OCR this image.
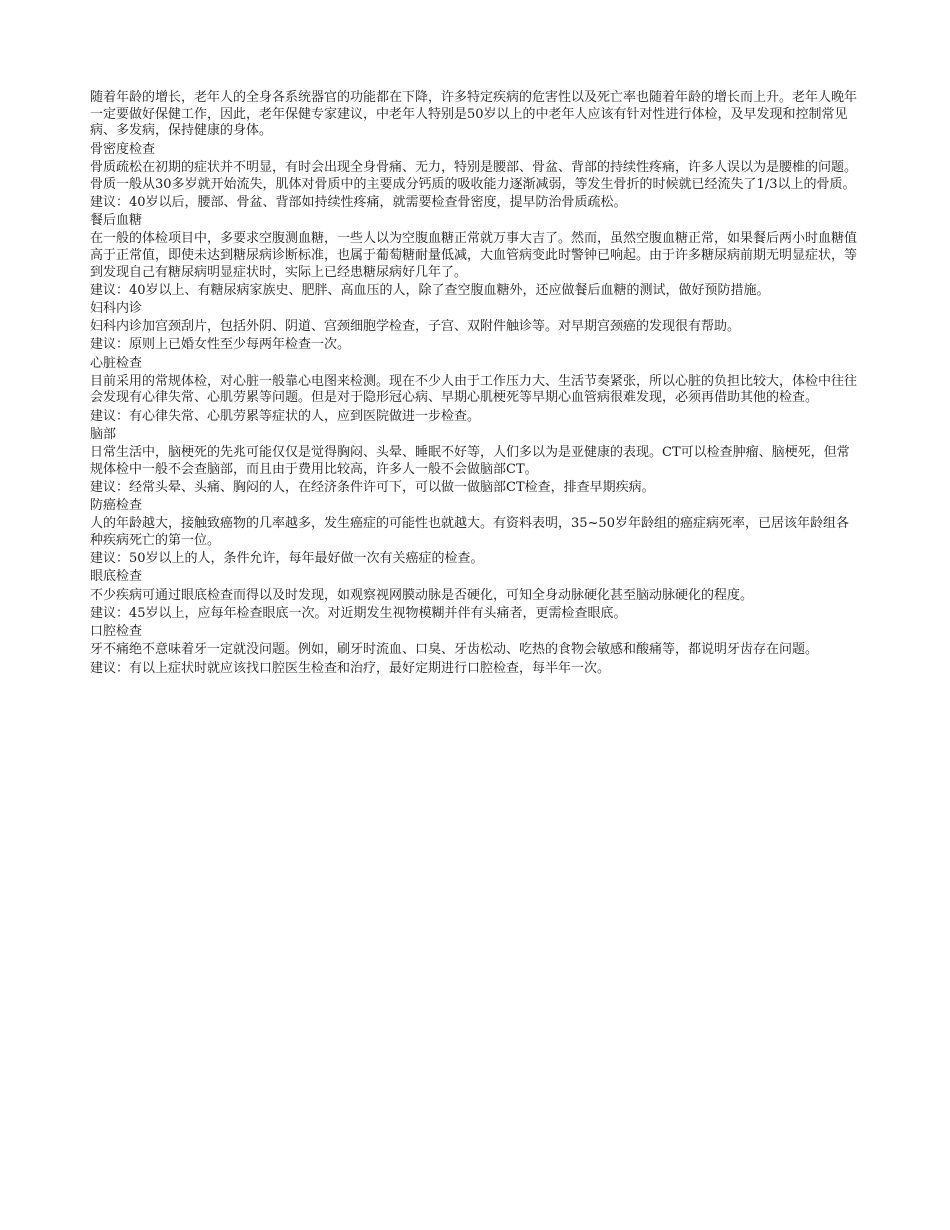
随着年龄的增长，老年人的全身各系统器官的功能都在下降，许多特定疾病的危害性以及死亡率也随着年龄的增长而上升。老年人晚年一定要做好保健工作，因此，老年保健专家建议，中老年人特别是50岁以上的中老年人应该有针对性进行体检，及早发现和控制常见病、多发病，保持健康的身体。

骨密度检查

骨质疏松在初期的症状并不明显，有时会出现全身骨痛、无力，特别是腰部、骨盆、背部的持续性疼痛，许多人误以为是腰椎的问题。骨质一般从30多岁就开始流失，肌体对骨质中的主要成分钙质的吸收能力逐渐减弱，等发生骨折的时候就已经流失了1/3以上的骨质。

建议：40岁以后，腰部、骨盆、背部如持续性疼痛，就需要检查骨密度，提早防治骨质疏松。

餐后血糖

在一般的体检项目中，多要求空腹测血糖，一些人以为空腹血糖正常就万事大吉了。然而，虽然空腹血糖正常，如果餐后两小时血糖值高于正常值，即使未达到糖尿病诊断标准，也属于葡萄糖耐量低减，大血管病变此时警钟已响起。由于许多糖尿病前期无明显症状，等到发现自己有糖尿病明显症状时，实际上已经患糖尿病好几年了。

建议：40岁以上、有糖尿病家族史、肥胖、高血压的人，除了查空腹血糖外，还应做餐后血糖的测试，做好预防措施。

妇科内诊

妇科内诊加宫颈刮片，包括外阴、阴道、宫颈细胞学检查，子宫、双附件触诊等。对早期宫颈癌的发现很有帮助。

建议：原则上已婚女性至少每两年检查一次。

心脏检查

目前采用的常规体检，对心脏一般靠心电图来检测。现在不少人由于工作压力大、生活节奏紧张，所以心脏的负担比较大，体检中往往会发现有心律失常、心肌劳累等问题。但是对于隐形冠心病、早期心肌梗死等早期心血管病很难发现，必须再借助其他的检查。

建议：有心律失常、心肌劳累等症状的人，应到医院做进一步检查。

脑部

日常生活中，脑梗死的先兆可能仅仅是觉得胸闷、头晕、睡眠不好等，人们多以为是亚健康的表现。CT可以检查肿瘤、脑梗死，但常规体检中一般不会查脑部，而且由于费用比较高，许多人一般不会做脑部CT。

建议：经常头晕、头痛、胸闷的人，在经济条件许可下，可以做一做脑部CT检查，排查早期疾病。

防癌检查

人的年龄越大，接触致癌物的几率越多，发生癌症的可能性也就越大。有资料表明，35~50岁年龄组的癌症病死率，已居该年龄组各种疾病死亡的第一位。

建议：50岁以上的人，条件允许，每年最好做一次有关癌症的检查。

眼底检查

不少疾病可通过眼底检查而得以及时发现，如观察视网膜动脉是否硬化，可知全身动脉硬化甚至脑动脉硬化的程度。

建议：45岁以上，应每年检查眼底一次。对近期发生视物模糊并伴有头痛者，更需检查眼底。

口腔检查

牙不痛绝不意味着牙一定就没问题。例如，刷牙时流血、口臭、牙齿松动、吃热的食物会敏感和酸痛等，都说明牙齿存在问题。

建议：有以上症状时就应该找口腔医生检查和治疗，最好定期进行口腔检查，每半年一次。
